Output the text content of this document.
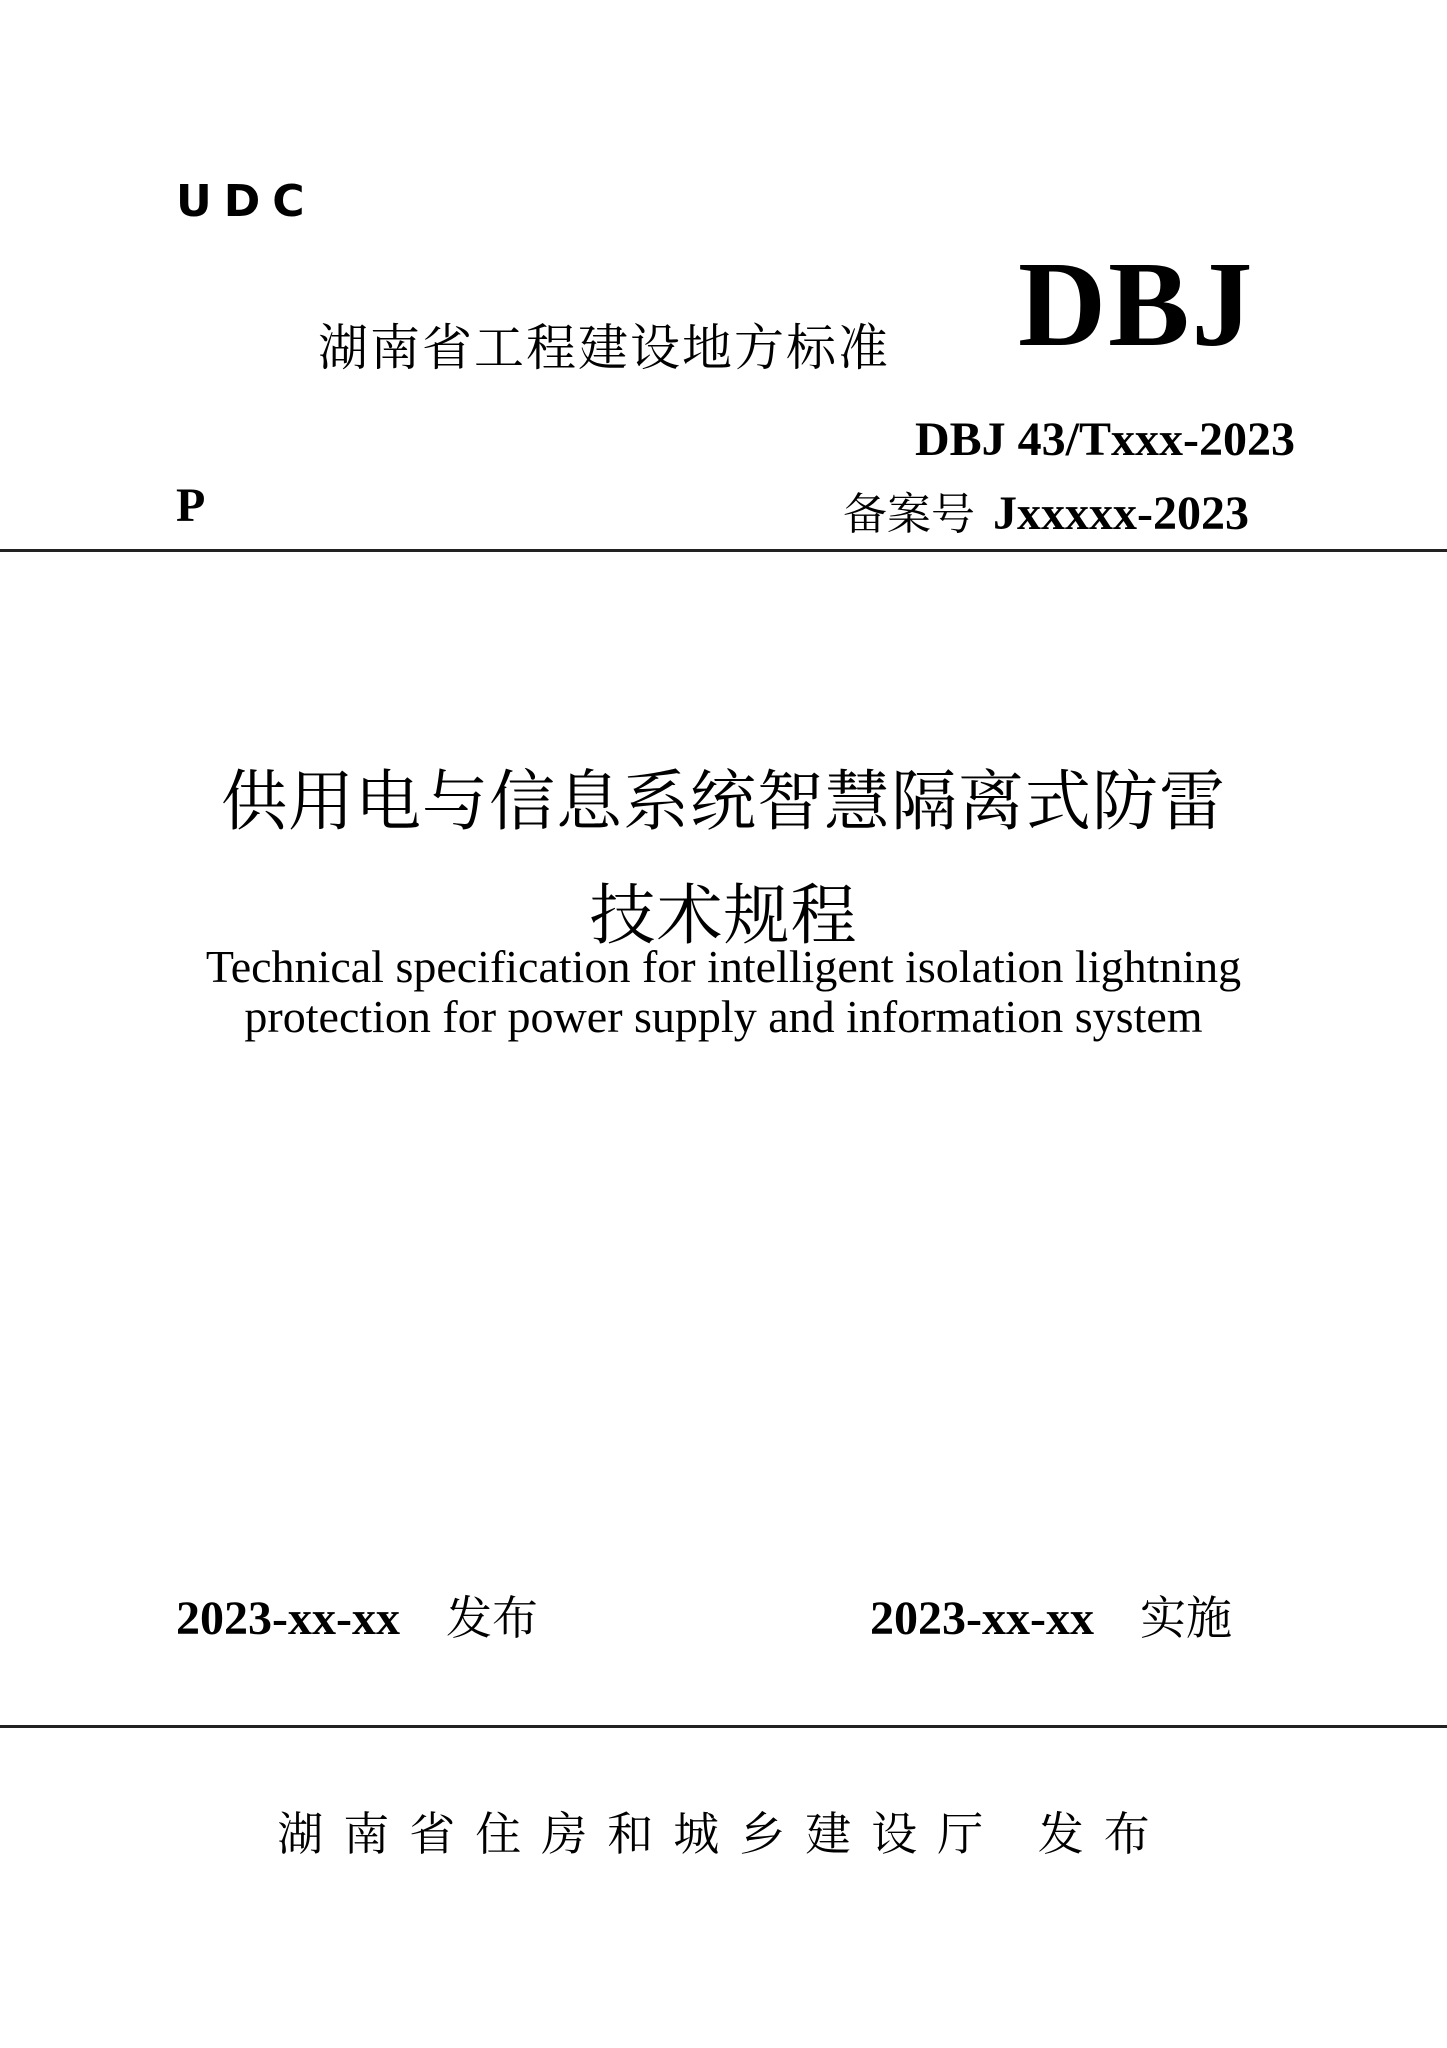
UDC
湖南省工程建设地方标准 DBJ
DBJ 43/Txxx-2023
P	备案号 Jxxxxx-2023
供用电与信息系统智慧隔离式防雷
技术规程
Technical specification for intelligent isolation lightning
protection for power supply and information system
2023-xx-xx 发布	2023-xx-xx 实施
湖南省住房和城乡建设厅 发布
